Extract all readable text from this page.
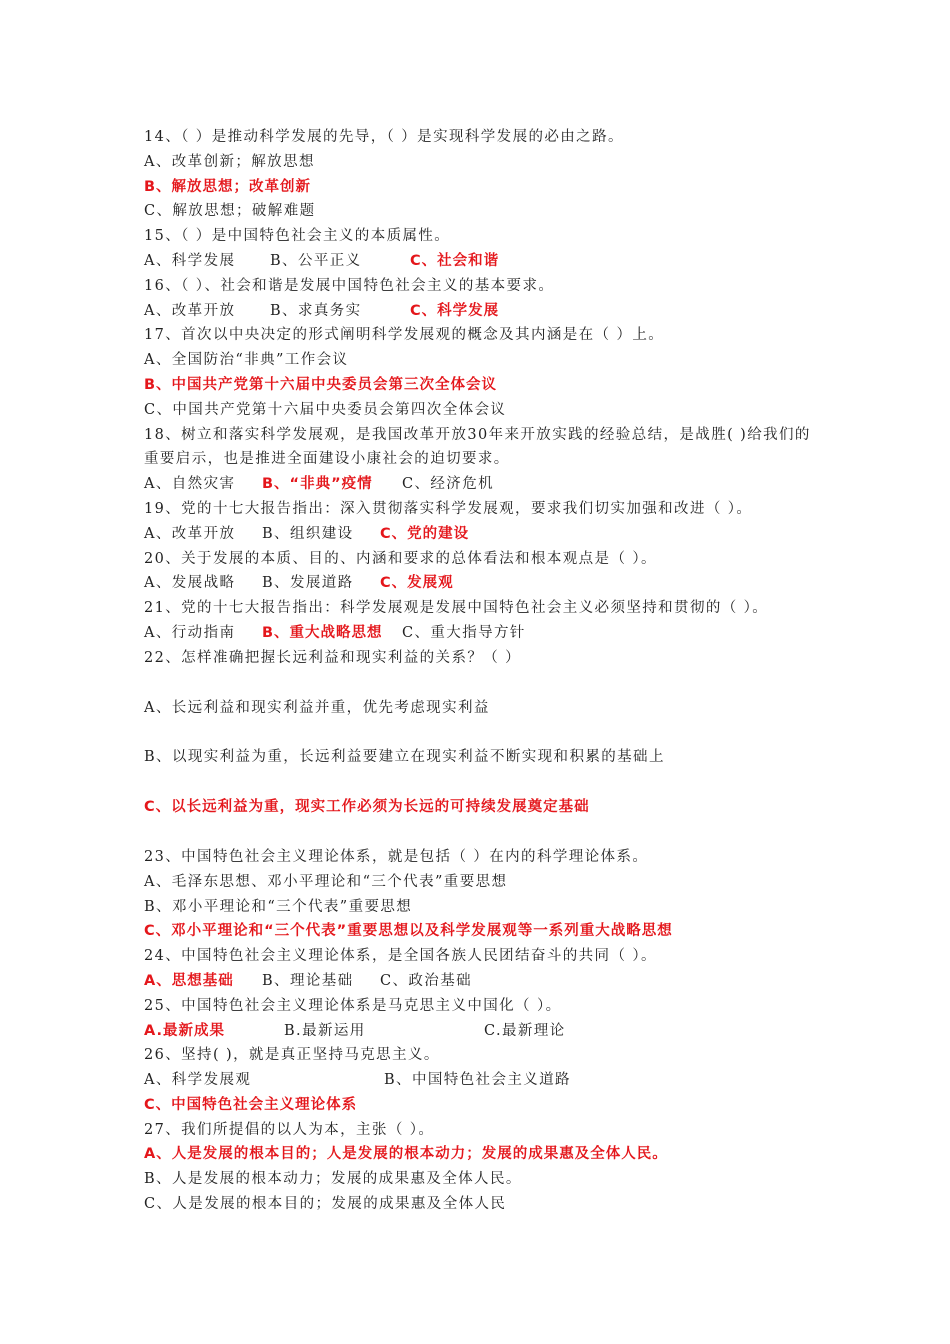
14、（ ）是推动科学发展的先导，（ ）是实现科学发展的必由之路。
A、改革创新；解放思想
B、解放思想；改革创新
C、解放思想；破解难题
15、（ ）是中国特色社会主义的本质属性。
A、科学发展 B、公平正义	C、社会和谐
16、（ ）、社会和谐是发展中国特色社会主义的基本要求。
A、改革开放 B、求真务实	C、科学发展
17、首次以中央决定的形式阐明科学发展观的概念及其内涵是在（ ）上。
A、全国防治“非典”工作会议
B、中国共产党第十六届中央委员会第三次全体会议
C、中国共产党第十六届中央委员会第四次全体会议
18、树立和落实科学发展观，是我国改革开放30年来开放实践的经验总结，是战胜( )给我们的重要启示，也是推进全面建设小康社会的迫切要求。
A、自然灾害 B、“非典”疫情 C、经济危机
19、党的十七大报告指出：深入贯彻落实科学发展观，要求我们切实加强和改进（ ）。
A、改革开放 B、组织建设 C、党的建设
20、关于发展的本质、目的、内涵和要求的总体看法和根本观点是（ ）。
A、发展战略 B、发展道路 C、发展观
21、党的十七大报告指出：科学发展观是发展中国特色社会主义必须坚持和贯彻的（ ）。
A、行动指南 B、重大战略思想 C、重大指导方针
22、怎样准确把握长远利益和现实利益的关系？（ ）
A、长远利益和现实利益并重，优先考虑现实利益
B、以现实利益为重，长远利益要建立在现实利益不断实现和积累的基础上
C、以长远利益为重，现实工作必须为长远的可持续发展奠定基础
23、中国特色社会主义理论体系，就是包括（ ）在内的科学理论体系。
A、毛泽东思想、邓小平理论和“三个代表”重要思想
B、邓小平理论和“三个代表”重要思想
C、邓小平理论和“三个代表”重要思想以及科学发展观等一系列重大战略思想
24、中国特色社会主义理论体系，是全国各族人民团结奋斗的共同（ ）。
A、思想基础 B、理论基础 C、政治基础
25、中国特色社会主义理论体系是马克思主义中国化（ ）。
A.最新成果	B.最新运用	C.最新理论
26、坚持( )，就是真正坚持马克思主义。
A、科学发展观	B、中国特色社会主义道路
C、中国特色社会主义理论体系
27、我们所提倡的以人为本，主张（ ）。
A、人是发展的根本目的；人是发展的根本动力；发展的成果惠及全体人民。
B、人是发展的根本动力；发展的成果惠及全体人民。
C、人是发展的根本目的；发展的成果惠及全体人民
